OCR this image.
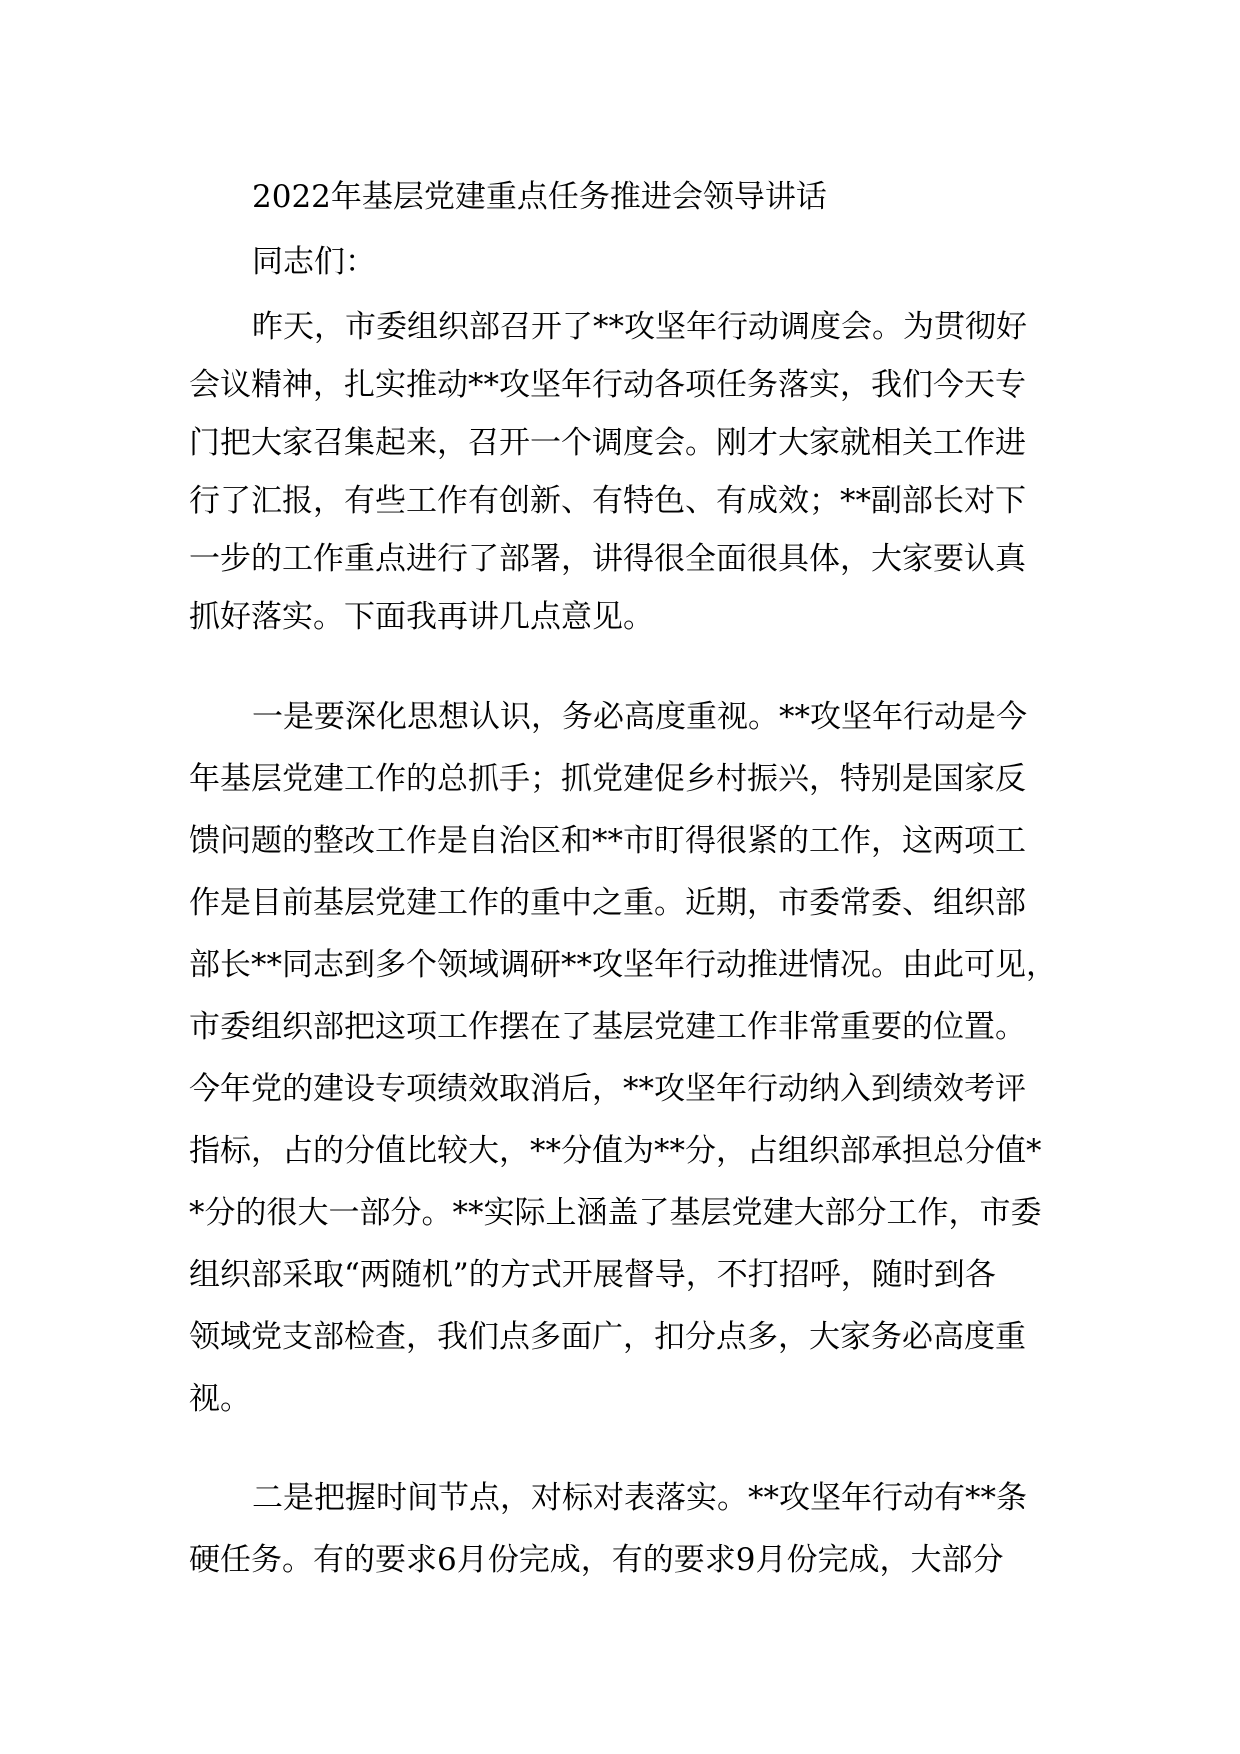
2022年基层党建重点任务推进会领导讲话
同志们：
昨天，市委组织部召开了**攻坚年行动调度会。为贯彻好
会议精神，扎实推动**攻坚年行动各项任务落实，我们今天专
门把大家召集起来，召开一个调度会。刚才大家就相关工作进
行了汇报，有些工作有创新、有特色、有成效；**副部长对下
一步的工作重点进行了部署，讲得很全面很具体，大家要认真
抓好落实。下面我再讲几点意见。
一是要深化思想认识，务必高度重视。**攻坚年行动是今
年基层党建工作的总抓手；抓党建促乡村振兴，特别是国家反
馈问题的整改工作是自治区和**市盯得很紧的工作，这两项工
作是目前基层党建工作的重中之重。近期，市委常委、组织部
部长**同志到多个领域调研**攻坚年行动推进情况。由此可见，
市委组织部把这项工作摆在了基层党建工作非常重要的位置。
今年党的建设专项绩效取消后，**攻坚年行动纳入到绩效考评
指标，占的分值比较大，**分值为**分，占组织部承担总分值*
*分的很大一部分。**实际上涵盖了基层党建大部分工作，市委
组织部采取“两随机”的方式开展督导，不打招呼，随时到各
领域党支部检查，我们点多面广，扣分点多，大家务必高度重
视。
二是把握时间节点，对标对表落实。**攻坚年行动有**条
硬任务。有的要求6月份完成，有的要求9月份完成，大部分
